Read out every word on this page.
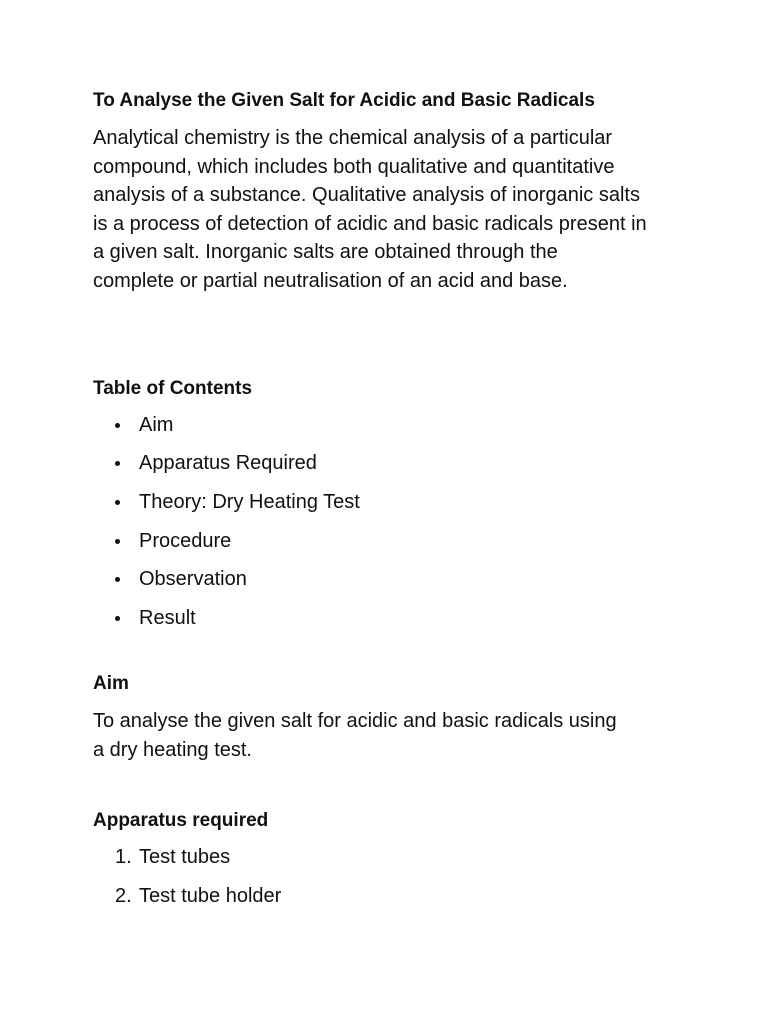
To Analyse the Given Salt for Acidic and Basic Radicals

Analytical chemistry is the chemical analysis of a particular
compound, which includes both qualitative and quantitative
analysis of a substance. Qualitative analysis of inorganic salts
is a process of detection of acidic and basic radicals present in
a given salt. Inorganic salts are obtained through the
complete or partial neutralisation of an acid and base.

Table of Contents
Aim
Apparatus Required
Theory: Dry Heating Test
Procedure
Observation
Result
Aim

To analyse the given salt for acidic and basic radicals using
a dry heating test.

Apparatus required
1. Test tubes
2. Test tube holder
